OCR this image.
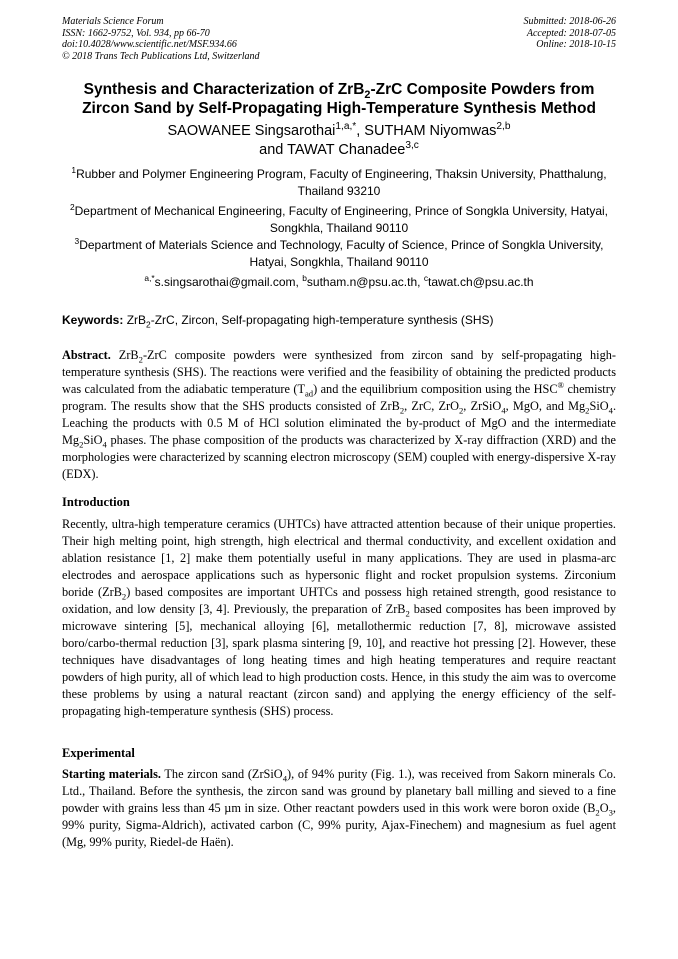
Materials Science Forum
ISSN: 1662-9752, Vol. 934, pp 66-70
doi:10.4028/www.scientific.net/MSF.934.66
© 2018 Trans Tech Publications Ltd, Switzerland
Submitted: 2018-06-26
Accepted: 2018-07-05
Online: 2018-10-15
Synthesis and Characterization of ZrB$_2$-ZrC Composite Powders from
Zircon Sand by Self-Propagating High-Temperature Synthesis Method
SAOWANEE Singsarothai$^{1,a,*}$, SUTHAM Niyomwas$^{2,b}$
and TAWAT Chanadee$^{3,c}$
$^1$Rubber and Polymer Engineering Program, Faculty of Engineering, Thaksin University, Phatthalung, Thailand 93210
$^2$Department of Mechanical Engineering, Faculty of Engineering, Prince of Songkla University, Hatyai, Songkhla, Thailand 90110
$^3$Department of Materials Science and Technology, Faculty of Science, Prince of Songkla University, Hatyai, Songkhla, Thailand 90110
$^{a,*}$s.singsarothai@gmail.com, $^b$sutham.n@psu.ac.th, $^c$tawat.ch@psu.ac.th
Keywords: ZrB$_2$-ZrC, Zircon, Self-propagating high-temperature synthesis (SHS)

Abstract. ZrB$_2$-ZrC composite powders were synthesized from zircon sand by self-propagating high-temperature synthesis (SHS). The reactions were verified and the feasibility of obtaining the predicted products was calculated from the adiabatic temperature $(T_{ad})$ and the equilibrium composition using the HSC® chemistry program. The results show that the SHS products consisted of ZrB$_2$, ZrC, ZrO$_2$, ZrSiO$_4$, MgO, and $Mg_2SiO_4$. Leaching the products with 0.5 M of HCl solution eliminated the by-product of MgO and the intermediate $Mg_2SiO_4$ phases. The phase composition of the products was characterized by X-ray diffraction (XRD) and the morphologies were characterized by scanning electron microscopy (SEM) coupled with energy-dispersive X-ray (EDX).

Introduction

Recently, ultra-high temperature ceramics (UHTCs) have attracted attention because of their unique properties. Their high melting point, high strength, high electrical and thermal conductivity, and excellent oxidation and ablation resistance [1, 2] make them potentially useful in many applications. They are used in plasma-arc electrodes and aerospace applications such as hypersonic flight and rocket propulsion systems. Zirconium boride (ZrB$_2$) based composites are important UHTCs and possess high retained strength, good resistance to oxidation, and low density [3, 4]. Previously, the preparation of ZrB$_2$ based composites has been improved by microwave sintering [5], mechanical alloying [6], metallothermic reduction [7, 8], microwave assisted boro/carbo-thermal reduction [3], spark plasma sintering [9, 10], and reactive hot pressing [2]. However, these techniques have disadvantages of long heating times and high heating temperatures and require reactant powders of high purity, all of which lead to high production costs. Hence, in this study the aim was to overcome these problems by using a natural reactant (zircon sand) and applying the energy efficiency of the self-propagating high-temperature synthesis (SHS) process.

Experimental

Starting materials. The zircon sand (ZrSiO$_4$), of 94% purity (Fig. 1.), was received from Sakorn minerals Co. Ltd., Thailand. Before the synthesis, the zircon sand was ground by planetary ball milling and sieved to a fine powder with grains less than 45 µm in size. Other reactant powders used in this work were boron oxide ($B_2O_3$, 99% purity, Sigma-Aldrich), activated carbon (C, 99% purity, Ajax-Finechem) and magnesium as fuel agent (Mg, 99% purity, Riedel-de Haën).
